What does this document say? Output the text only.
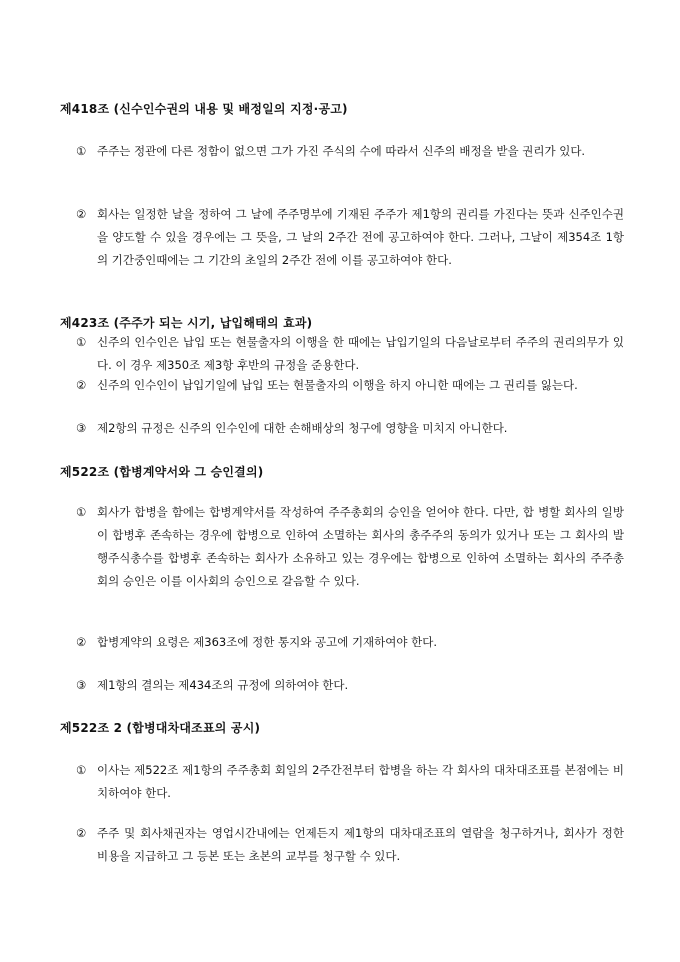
제418조 (신수인수권의 내용 및 배정일의 지정·공고)
① 주주는 정관에 다른 정함이 없으면 그가 가진 주식의 수에 따라서 신주의 배정을 받을 권리가 있다.
② 회사는 일정한 날을 정하여 그 날에 주주명부에 기재된 주주가 제1항의 권리를 가진다는 뜻과 신주인수권을 양도할 수 있을 경우에는 그 뜻을, 그 날의 2주간 전에 공고하여야 한다. 그러나, 그날이 제354조 1항의 기간중인때에는 그 기간의 초일의 2주간 전에 이를 공고하여야 한다.
제423조 (주주가 되는 시기, 납입해태의 효과)
① 신주의 인수인은 납입 또는 현물출자의 이행을 한 때에는 납입기일의 다음날로부터 주주의 권리의무가 있다. 이 경우 제350조 제3항 후반의 규정을 준용한다.
② 신주의 인수인이 납입기일에 납입 또는 현물출자의 이행을 하지 아니한 때에는 그 권리를 잃는다.
③ 제2항의 규정은 신주의 인수인에 대한 손해배상의 청구에 영향을 미치지 아니한다.
제522조 (합병계약서와 그 승인결의)
① 회사가 합병을 함에는 합병계약서를 작성하여 주주총회의 승인을 얻어야 한다. 다만, 합 병할 회사의 일방이 합병후 존속하는 경우에 합병으로 인하여 소멸하는 회사의 총주주의 동의가 있거나 또는 그 회사의 발행주식총수를 합병후 존속하는 회사가 소유하고 있는 경우에는 합병으로 인하여 소멸하는 회사의 주주총회의 승인은 이를 이사회의 승인으로 갈음할 수 있다.
② 합병계약의 요령은 제363조에 정한 통지와 공고에 기재하여야 한다.
③ 제1항의 결의는 제434조의 규정에 의하여야 한다.
제522조 2 (합병대차대조표의 공시)
① 이사는 제522조 제1항의 주주총회 회일의 2주간전부터 합병을 하는 각 회사의 대차대조표를 본점에는 비치하여야 한다.
② 주주 및 회사채권자는 영업시간내에는 언제든지 제1항의 대차대조표의 열람을 청구하거나, 회사가 정한 비용을 지급하고 그 등본 또는 초본의 교부를 청구할 수 있다.
